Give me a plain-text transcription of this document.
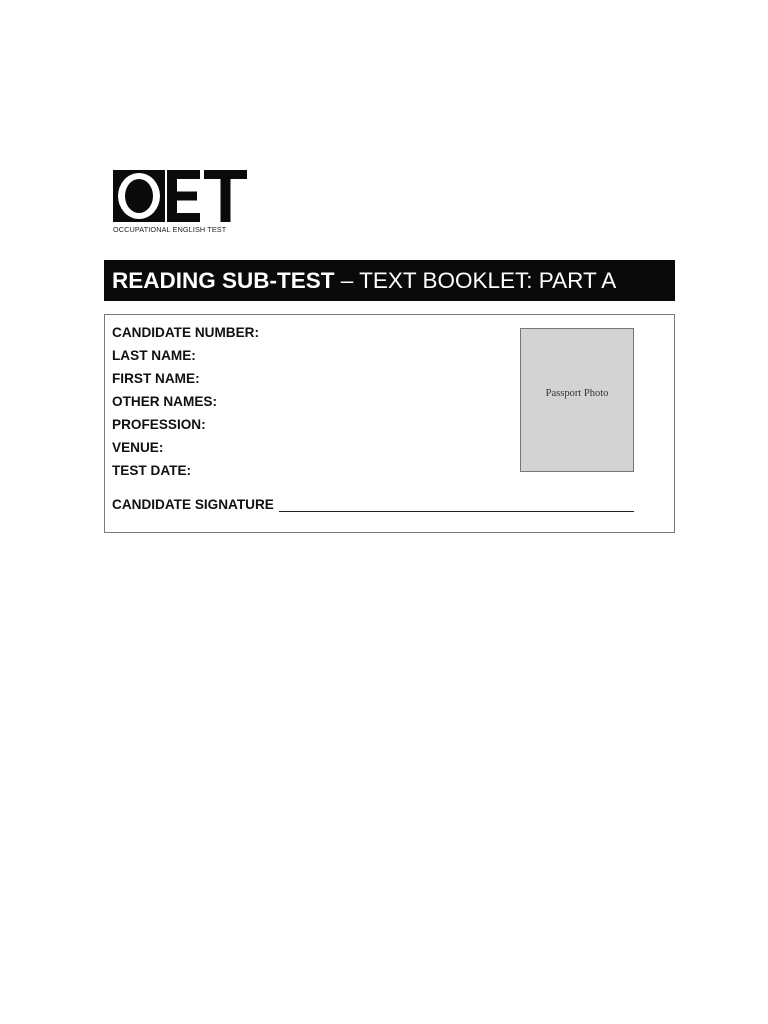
OCCUPATIONAL ENGLISH TEST
READING SUB-TEST – TEXT BOOKLET: PART A
CANDIDATE NUMBER:
LAST NAME:
FIRST NAME:
OTHER NAMES:
PROFESSION:
VENUE:
TEST DATE:
Passport Photo
CANDIDATE SIGNATURE
